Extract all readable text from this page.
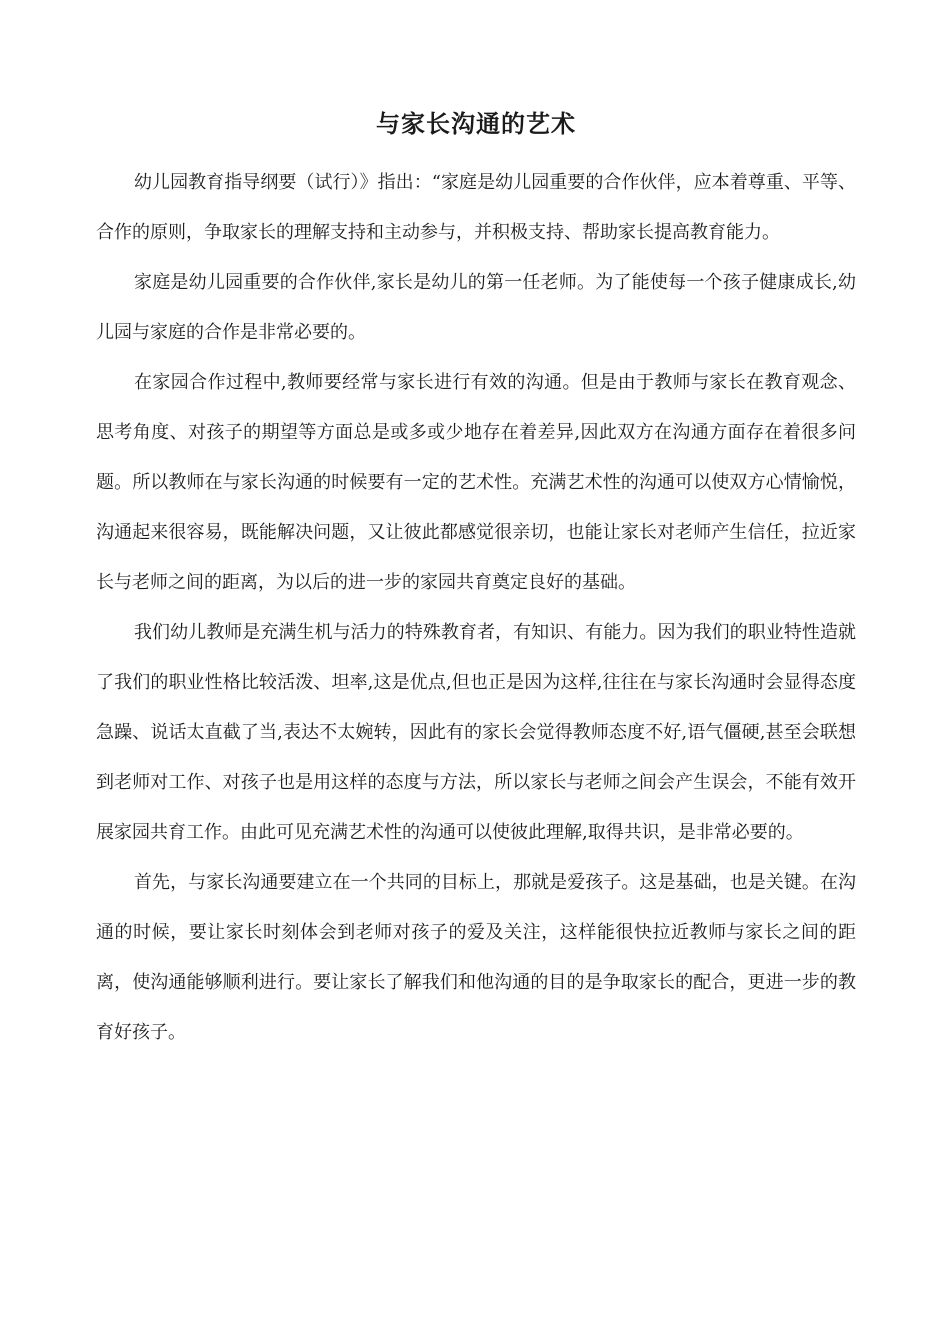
与家长沟通的艺术

幼儿园教育指导纲要（试行）》指出：“家庭是幼儿园重要的合作伙伴，应本着尊重、平等、合作的原则，争取家长的理解支持和主动参与，并积极支持、帮助家长提高教育能力。

家庭是幼儿园重要的合作伙伴,家长是幼儿的第一任老师。为了能使每一个孩子健康成长,幼儿园与家庭的合作是非常必要的。

在家园合作过程中,教师要经常与家长进行有效的沟通。但是由于教师与家长在教育观念、思考角度、对孩子的期望等方面总是或多或少地存在着差异,因此双方在沟通方面存在着很多问题。所以教师在与家长沟通的时候要有一定的艺术性。充满艺术性的沟通可以使双方心情愉悦，沟通起来很容易，既能解决问题，又让彼此都感觉很亲切，也能让家长对老师产生信任，拉近家长与老师之间的距离，为以后的进一步的家园共育奠定良好的基础。

我们幼儿教师是充满生机与活力的特殊教育者，有知识、有能力。因为我们的职业特性造就了我们的职业性格比较活泼、坦率,这是优点,但也正是因为这样,往往在与家长沟通时会显得态度急躁、说话太直截了当,表达不太婉转，因此有的家长会觉得教师态度不好,语气僵硬,甚至会联想到老师对工作、对孩子也是用这样的态度与方法，所以家长与老师之间会产生误会，不能有效开展家园共育工作。由此可见充满艺术性的沟通可以使彼此理解,取得共识，是非常必要的。

首先，与家长沟通要建立在一个共同的目标上，那就是爱孩子。这是基础，也是关键。在沟通的时候，要让家长时刻体会到老师对孩子的爱及关注，这样能很快拉近教师与家长之间的距离，使沟通能够顺利进行。要让家长了解我们和他沟通的目的是争取家长的配合，更进一步的教育好孩子。
